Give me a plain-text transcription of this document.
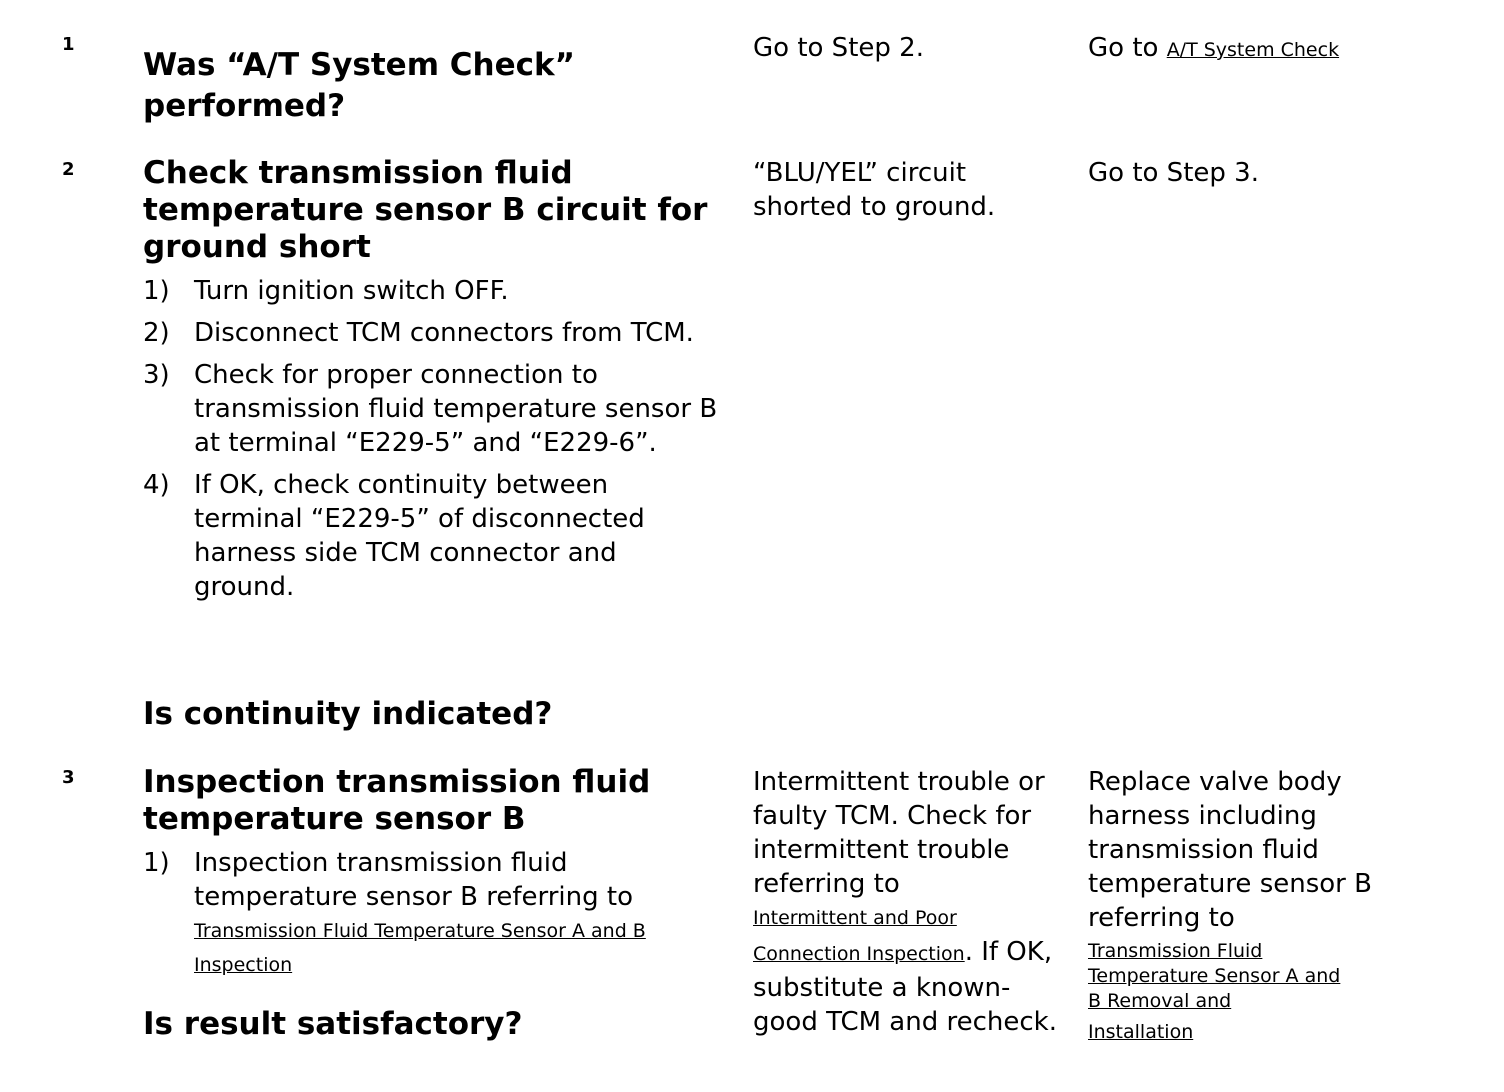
1
Was “A/T System Check”
performed?
Go to Step 2.	Go to A/T System Check
2 Check transmission fluid
temperature sensor B circuit for
ground short
1) Turn ignition switch OFF.
2) Disconnect TCM connectors from TCM.
3) Check for proper connection to transmission fluid temperature sensor B at terminal “E229-5” and “E229-6”.
4) If OK, check continuity between terminal “E229-5” of disconnected harness side TCM connector and ground.
Is continuity indicated?
“BLU/YEL” circuit
shorted to ground.
Go to Step 3.
3 Inspection transmission fluid
temperature sensor B
1) Inspection transmission fluid temperature sensor B referring to
Transmission Fluid Temperature Sensor A and B
Inspection
Is result satisfactory?
Intermittent trouble or faulty TCM. Check for intermittent trouble referring to
Intermittent and Poor
Connection Inspection. If OK, substitute a known-good TCM and recheck.
Replace valve body harness including transmission fluid temperature sensor B referring to
Transmission Fluid
Temperature Sensor A and
B Removal and
Installation
